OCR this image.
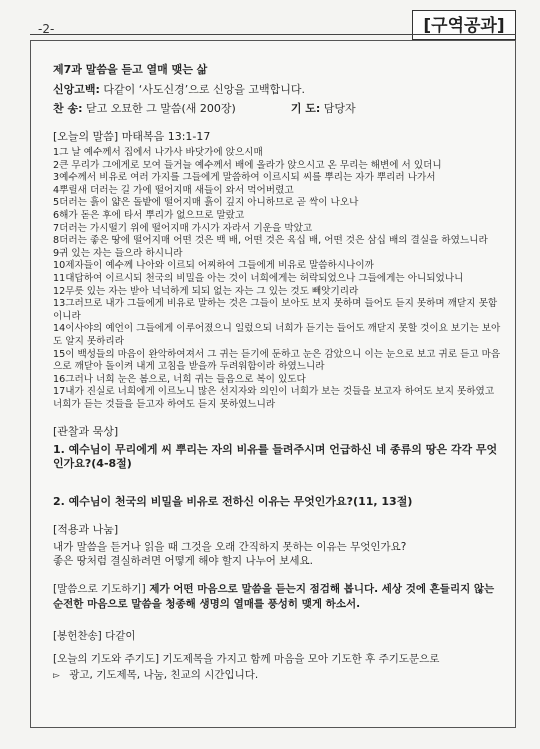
-2-	[구역공과]
제7과 말씀을 듣고 열매 맺는 삶
신앙고백: 다같이 ‘사도신경’으로 신앙을 고백합니다.
찬 송: 닫고 오묘한 그 말씀(새 200장)	기 도: 담당자
[오늘의 말씀] 마태복음 13:1-17
1그 날 예수께서 집에서 나가사 바닷가에 앉으시매
2큰 무리가 그에게로 모여 들거늘 예수께서 배에 올라가 앉으시고 온 무리는 해변에 서 있더니
3예수께서 비유로 여러 가지를 그들에게 말씀하여 이르시되 씨를 뿌리는 자가 뿌리러 나가서
4뿌릴새 더러는 길 가에 떨어지매 새들이 와서 먹어버렸고
5더러는 흙이 얇은 돌밭에 떨어지매 흙이 깊지 아니하므로 곧 싹이 나오나
6해가 돋은 후에 타서 뿌리가 없으므로 말랐고
7더러는 가시떨기 위에 떨어지매 가시가 자라서 기운을 막았고
8더러는 좋은 땅에 떨어지매 어떤 것은 백 배, 어떤 것은 육십 배, 어떤 것은 삼십 배의 결실을 하였느니라
9귀 있는 자는 들으라 하시니라
10제자들이 예수께 나아와 이르되 어찌하여 그들에게 비유로 말씀하시나이까
11대답하여 이르시되 천국의 비밀을 아는 것이 너희에게는 허락되었으나 그들에게는 아니되었나니
12무릇 있는 자는 받아 넉넉하게 되되 없는 자는 그 있는 것도 빼앗기리라
13그러므로 내가 그들에게 비유로 말하는 것은 그들이 보아도 보지 못하며 들어도 듣지 못하며 깨닫지 못함이니라
14이사야의 예언이 그들에게 이루어졌으니 일렀으되 너희가 듣기는 들어도 깨닫지 못할 것이요 보기는 보아도 알지 못하리라
15이 백성들의 마음이 완악하여져서 그 귀는 듣기에 둔하고 눈은 감았으니 이는 눈으로 보고 귀로 듣고 마음으로 깨닫아 돌이켜 내게 고침을 받을까 두려워함이라 하였느니라
16그러나 너희 눈은 봄으로, 너희 귀는 들음으로 복이 있도다
17내가 진실로 너희에게 이르노니 많은 선지자와 의인이 너희가 보는 것들을 보고자 하여도 보지 못하였고 너희가 듣는 것들을 듣고자 하여도 듣지 못하였느니라
[관찰과 묵상]
1. 예수님이 무리에게 씨 뿌리는 자의 비유를 들려주시며 언급하신 네 종류의 땅은 각각 무엇인가요?(4-8절)
2. 예수님이 천국의 비밀을 비유로 전하신 이유는 무엇인가요?(11, 13절)
[적용과 나눔]
내가 말씀을 듣거나 읽을 때 그것을 오래 간직하지 못하는 이유는 무엇인가요?
좋은 땅처럼 결실하려면 어떻게 해야 할지 나누어 보세요.
[말씀으로 기도하기] 제가 어떤 마음으로 말씀을 듣는지 점검해 봅니다. 세상 것에 흔들리지 않는 순전한 마음으로 말씀을 청종해 생명의 열매를 풍성히 맺게 하소서.
[봉헌찬송] 다같이
[오늘의 기도와 주기도] 기도제목을 가지고 함께 마음을 모아 기도한 후 주기도문으로
▻ 광고, 기도제목, 나눔, 친교의 시간입니다.
